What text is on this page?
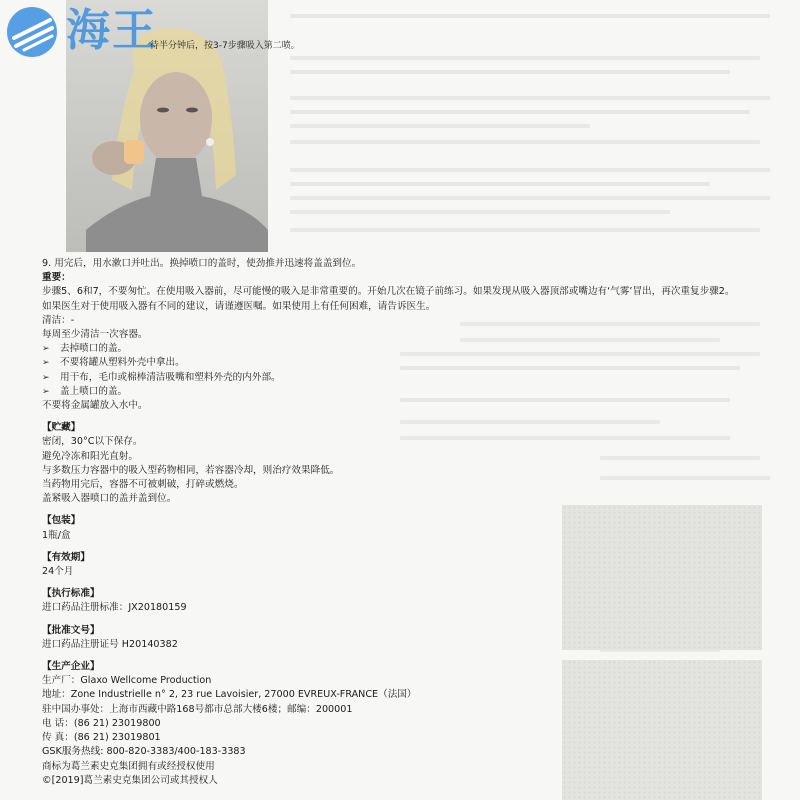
海王
待半分钟后，按3-7步骤吸入第二喷。

9. 用完后，用水漱口并吐出。换掉喷口的盖时，使劲推并迅速将盖盖到位。

重要：

步骤5、6和7，不要匆忙。在使用吸入器前，尽可能慢的吸入是非常重要的。开始几次在镜子前练习。如果发现从吸入器顶部或嘴边有‘气雾’冒出，再次重复步骤2。

如果医生对于使用吸入器有不同的建议，请谨遵医嘱。如果使用上有任何困难，请告诉医生。

清洁：-

每周至少清洁一次容器。

➢ 去掉喷口的盖。

➢ 不要将罐从塑料外壳中拿出。

➢ 用干布，毛巾或棉棒清洁吸嘴和塑料外壳的内外部。

➢ 盖上喷口的盖。

不要将金属罐放入水中。

【贮藏】

密闭，30°C以下保存。

避免冷冻和阳光直射。

与多数压力容器中的吸入型药物相同，若容器冷却，则治疗效果降低。

当药物用完后，容器不可被刺破，打碎或燃烧。

盖紧吸入器喷口的盖并盖到位。

【包装】

1瓶/盒

【有效期】

24个月

【执行标准】

进口药品注册标准：JX20180159

【批准文号】

进口药品注册证号 H20140382

【生产企业】

生产厂：Glaxo Wellcome Production

地址：Zone Industrielle n° 2, 23 rue Lavoisier, 27000 EVREUX-FRANCE（法国）

驻中国办事处：上海市西藏中路168号都市总部大楼6楼；邮编：200001

电 话：(86 21) 23019800

传 真：(86 21) 23019801

GSK服务热线: 800-820-3383/400-183-3383

商标为葛兰素史克集团拥有或经授权使用

©[2019]葛兰素史克集团公司或其授权人
